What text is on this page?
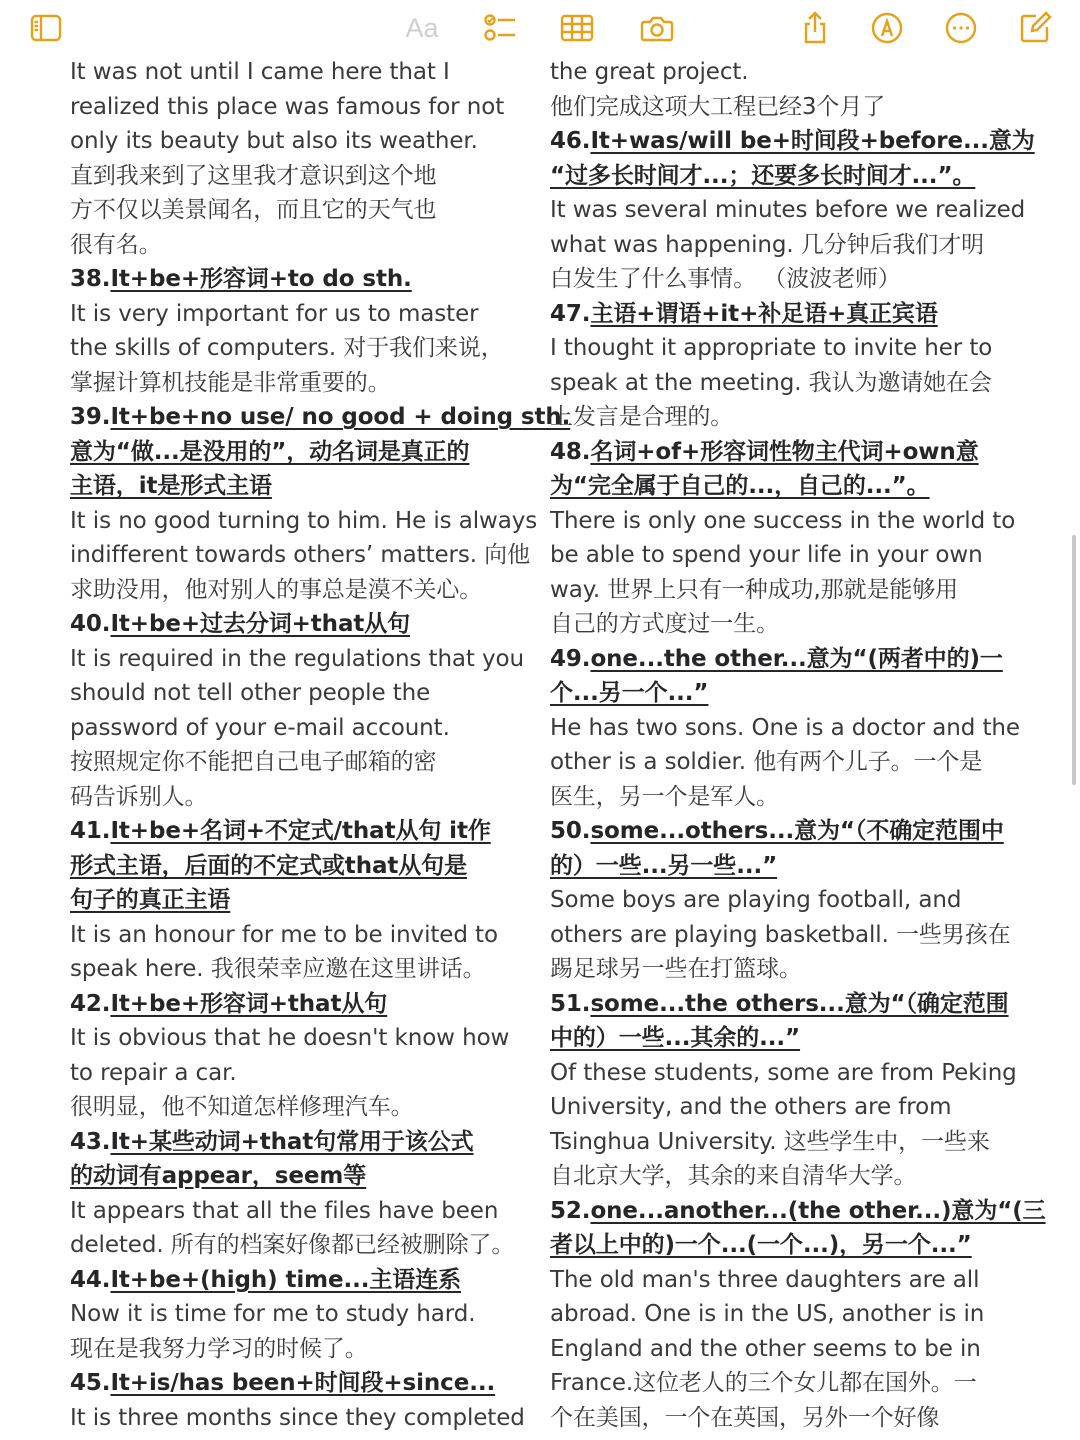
Aa
It was not until I came here that I
realized this place was famous for not
only its beauty but also its weather.
直到我来到了这里我才意识到这个地
方不仅以美景闻名，而且它的天气也
很有名。
38.It+be+形容词+to do sth.
It is very important for us to master
the skills of computers. 对于我们来说，
掌握计算机技能是非常重要的。
39.It+be+no use/ no good + doing sth.
意为“做...是没用的”，动名词是真正的
主语，it是形式主语
It is no good turning to him. He is always
indifferent towards others’ matters. 向他
求助没用，他对别人的事总是漠不关心。
40.It+be+过去分词+that从句
It is required in the regulations that you
should not tell other people the
password of your e-mail account.
按照规定你不能把自己电子邮箱的密
码告诉别人。
41.It+be+名词+不定式/that从句 it作
形式主语，后面的不定式或that从句是
句子的真正主语
It is an honour for me to be invited to
speak here. 我很荣幸应邀在这里讲话。
42.It+be+形容词+that从句
It is obvious that he doesn't know how
to repair a car.
很明显，他不知道怎样修理汽车。
43.It+某些动词+that句常用于该公式
的动词有appear，seem等
It appears that all the files have been
deleted. 所有的档案好像都已经被删除了。
44.It+be+(high) time...主语连系
Now it is time for me to study hard.
现在是我努力学习的时候了。
45.It+is/has been+时间段+since...
It is three months since they completed
the great project.
他们完成这项大工程已经3个月了
46.It+was/will be+时间段+before...意为
“过多长时间才...；还要多长时间才...”。
It was several minutes before we realized
what was happening. 几分钟后我们才明
白发生了什么事情。 （波波老师）
47.主语+谓语+it+补足语+真正宾语
I thought it appropriate to invite her to
speak at the meeting. 我认为邀请她在会
上发言是合理的。
48.名词+of+形容词性物主代词+own意
为“完全属于自己的...，自己的...”。
There is only one success in the world to
be able to spend your life in your own
way. 世界上只有一种成功,那就是能够用
自己的方式度过一生。
49.one...the other...意为“(两者中的)一
个...另一个...”
He has two sons. One is a doctor and the
other is a soldier. 他有两个儿子。一个是
医生，另一个是军人。
50.some...others...意为“（不确定范围中
的）一些...另一些...”
Some boys are playing football, and
others are playing basketball. 一些男孩在
踢足球另一些在打篮球。
51.some...the others...意为“（确定范围
中的）一些...其余的...”
Of these students, some are from Peking
University, and the others are from
Tsinghua University. 这些学生中，一些来
自北京大学，其余的来自清华大学。
52.one...another...(the other...)意为“(三
者以上中的)一个...(一个...)，另一个...”
The old man's three daughters are all
abroad. One is in the US, another is in
England and the other seems to be in
France.这位老人的三个女儿都在国外。一
个在美国，一个在英国，另外一个好像
